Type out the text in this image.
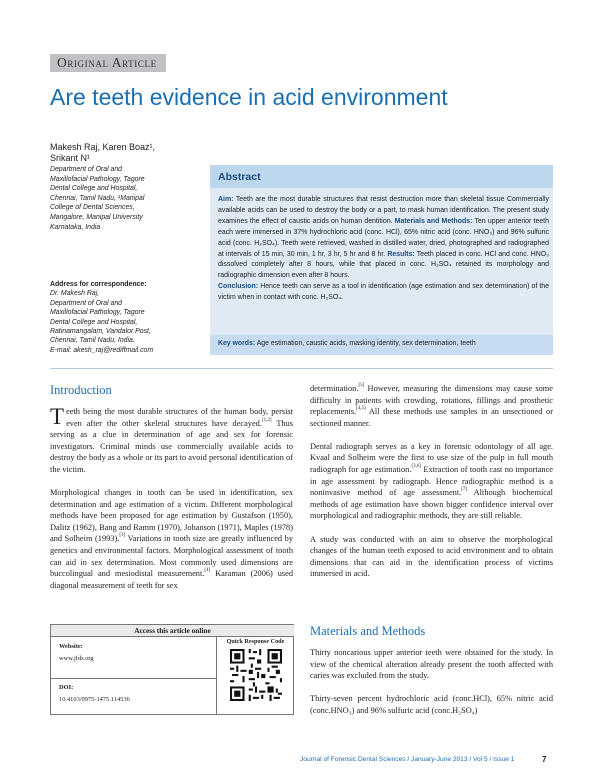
Original Article
Are teeth evidence in acid environment
Makesh Raj, Karen Boaz¹,
Srikant N¹
Department of Oral and
Maxillofacial Pathology, Tagore
Dental College and Hospital,
Chennai, Tamil Nadu, ¹Manipal
College of Dental Sciences,
Mangalore, Manipal University
Karnataka, India
Address for correspondence:
Dr. Makesh Raj,
Department of Oral and
Maxillofacial Pathology, Tagore
Dental College and Hospital,
Ratinamangalam, Vandalor Post,
Chennai, Tamil Nadu, India.
E-mail: akesh_raj@rediffmail.com
Abstract
Aim: Teeth are the most durable structures that resist destruction more than skeletal tissue Commercially available acids can be used to destroy the body or a part, to mask human identification. The present study examines the effect of caustic acids on human dentition. Materials and Methods: Ten upper anterior teeth each were immersed in 37% hydrochloric acid (conc. HCl), 65% nitric acid (conc. HNO₃) and 96% sulfuric acid (conc. H₂SO₄). Teeth were retrieved, washed in distilled water, dried, photographed and radiographed at intervals of 15 min, 30 min, 1 hr, 3 hr, 5 hr and 8 hr. Results: Teeth placed in conc. HCl and conc. HNO₃ dissolved completely after 8 hours, while that placed in conc. H₂SO₄ retained its morphology and radiographic dimension even after 8 hours.
Conclusion: Hence teeth can serve as a tool in identification (age estimation and sex determination) of the victim when in contact with conc. H₂SO₄.
Key words: Age estimation, caustic acids, masking identity, sex determination, teeth
Introduction

Teeth being the most durable structures of the human body, persist even after the other skeletal structures have decayed.[1,2] Thus serving as a clue in determination of age and sex for forensic investigators. Criminal minds use commercially available acids to destroy the body as a whole or its part to avoid personal identification of the victim.

Morphological changes in tooth can be used in identification, sex determination and age estimation of a victim. Different morphological methods have been proposed for age estimation by Gustafson (1950), Dalitz (1962), Bang and Ramm (1970), Johanson (1971), Maples (1978) and Solheim (1993).[3] Variations in tooth size are greatly influenced by genetics and environmental factors. Morphological assessment of tooth can aid in sex determination. Most commonly used dimensions are buccolingual and mesiodistal measurement.[4] Karaman (2006) used diagonal measurement of teeth for sex

determination.[5] However, measuring the dimensions may cause some difficulty in patients with crowding, rotations, fillings and prosthetic replacements.[4,5] All these methods use samples in an unsectioned or sectioned manner.

Dental radiograph serves as a key in forensic odontology of all age. Kvaal and Solheim were the first to use size of the pulp in full mouth radiograph for age estimation.[3,6] Extraction of tooth cast no importance in age assessment by radiograph. Hence radiographic method is a noninvasive method of age assessment.[7] Although biochemical methods of age estimation have shown bigger confidence interval over morphological and radiographic methods, they are still reliable.

A study was conducted with an aim to observe the morphological changes of the human teeth exposed to acid environment and to obtain dimensions that can aid in the identification process of victims immersed in acid.

Materials and Methods

Thirty noncarious upper anterior teeth were obtained for the study. In view of the chemical alteration already present the tooth affected with caries was excluded from the study.

Thirty-seven percent hydrochloric acid (conc.HCl), 65% nitric acid (conc.HNO₃) and 96% sulfuric acid (conc.H₂SO₄)

Access this article online
Website:
www.jfds.org
DOI:
10.4103/0975-1475.114536
Quick Response Code
Journal of Forensic Dental Sciences / January-June 2013 / Vol 5 / Issue 1	7
